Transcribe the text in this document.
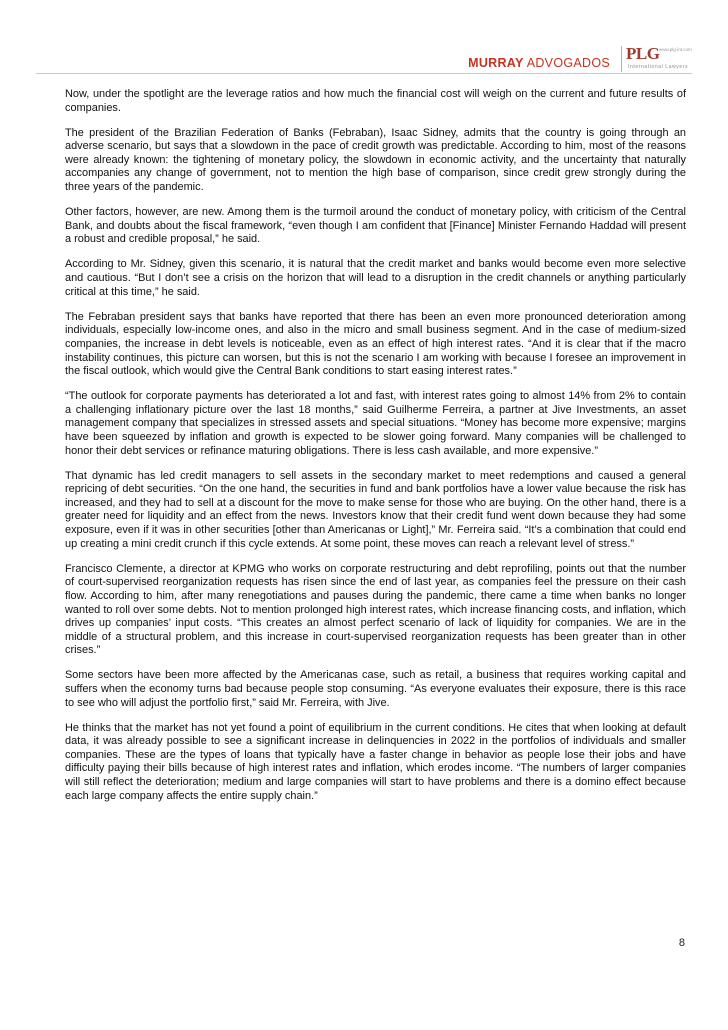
MURRAY ADVOGADOS PLG www.plg-int.com
International Lawyers

Now, under the spotlight are the leverage ratios and how much the financial cost will weigh on the current and future results of companies.

The president of the Brazilian Federation of Banks (Febraban), Isaac Sidney, admits that the country is going through an adverse scenario, but says that a slowdown in the pace of credit growth was predictable. According to him, most of the reasons were already known: the tightening of monetary policy, the slowdown in economic activity, and the uncertainty that naturally accompanies any change of government, not to mention the high base of comparison, since credit grew strongly during the three years of the pandemic.

Other factors, however, are new. Among them is the turmoil around the conduct of monetary policy, with criticism of the Central Bank, and doubts about the fiscal framework, “even though I am confident that [Finance] Minister Fernando Haddad will present a robust and credible proposal,” he said.

According to Mr. Sidney, given this scenario, it is natural that the credit market and banks would become even more selective and cautious. “But I don’t see a crisis on the horizon that will lead to a disruption in the credit channels or anything particularly critical at this time,” he said.

The Febraban president says that banks have reported that there has been an even more pronounced deterioration among individuals, especially low-income ones, and also in the micro and small business segment. And in the case of medium-sized companies, the increase in debt levels is noticeable, even as an effect of high interest rates. “And it is clear that if the macro instability continues, this picture can worsen, but this is not the scenario I am working with because I foresee an improvement in the fiscal outlook, which would give the Central Bank conditions to start easing interest rates.”

“The outlook for corporate payments has deteriorated a lot and fast, with interest rates going to almost 14% from 2% to contain a challenging inflationary picture over the last 18 months,” said Guilherme Ferreira, a partner at Jive Investments, an asset management company that specializes in stressed assets and special situations. “Money has become more expensive; margins have been squeezed by inflation and growth is expected to be slower going forward. Many companies will be challenged to honor their debt services or refinance maturing obligations. There is less cash available, and more expensive.”

That dynamic has led credit managers to sell assets in the secondary market to meet redemptions and caused a general repricing of debt securities. “On the one hand, the securities in fund and bank portfolios have a lower value because the risk has increased, and they had to sell at a discount for the move to make sense for those who are buying. On the other hand, there is a greater need for liquidity and an effect from the news. Investors know that their credit fund went down because they had some exposure, even if it was in other securities [other than Americanas or Light],” Mr. Ferreira said. “It’s a combination that could end up creating a mini credit crunch if this cycle extends. At some point, these moves can reach a relevant level of stress.”

Francisco Clemente, a director at KPMG who works on corporate restructuring and debt reprofiling, points out that the number of court-supervised reorganization requests has risen since the end of last year, as companies feel the pressure on their cash flow. According to him, after many renegotiations and pauses during the pandemic, there came a time when banks no longer wanted to roll over some debts. Not to mention prolonged high interest rates, which increase financing costs, and inflation, which drives up companies’ input costs. “This creates an almost perfect scenario of lack of liquidity for companies. We are in the middle of a structural problem, and this increase in court-supervised reorganization requests has been greater than in other crises.”

Some sectors have been more affected by the Americanas case, such as retail, a business that requires working capital and suffers when the economy turns bad because people stop consuming. “As everyone evaluates their exposure, there is this race to see who will adjust the portfolio first,” said Mr. Ferreira, with Jive.

He thinks that the market has not yet found a point of equilibrium in the current conditions. He cites that when looking at default data, it was already possible to see a significant increase in delinquencies in 2022 in the portfolios of individuals and smaller companies. These are the types of loans that typically have a faster change in behavior as people lose their jobs and have difficulty paying their bills because of high interest rates and inflation, which erodes income. “The numbers of larger companies will still reflect the deterioration; medium and large companies will start to have problems and there is a domino effect because each large company affects the entire supply chain.”

8
